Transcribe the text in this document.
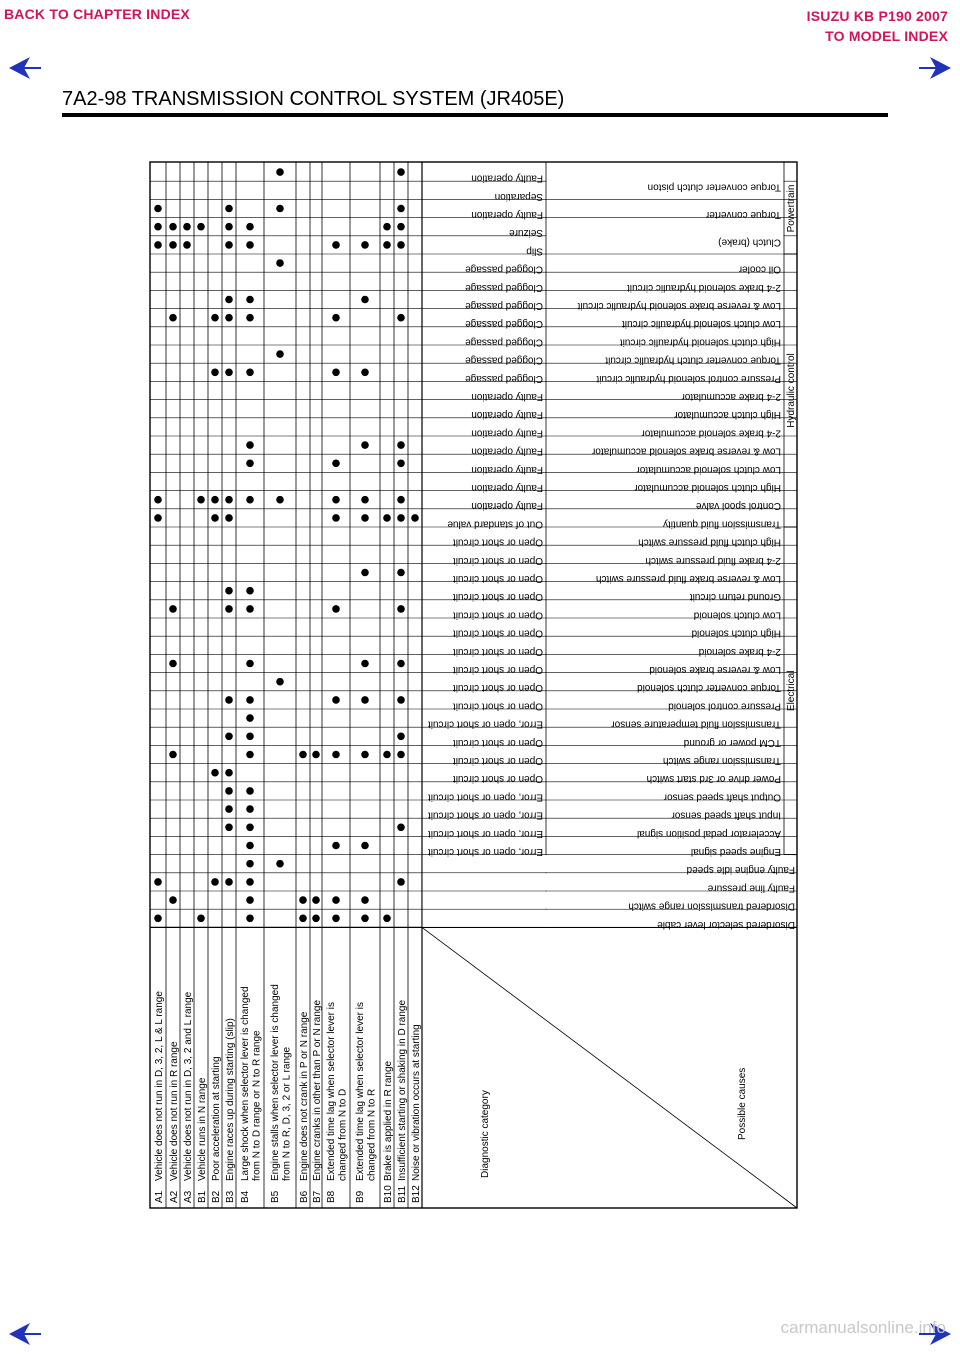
BACK TO CHAPTER INDEX	ISUZU KB P190 2007
TO MODEL INDEX
7A2-98 TRANSMISSION CONTROL SYSTEM (JR405E)
Powertrain
Hydraulic control
Electrical
Torque converter clutch piston
Faulty operation
Separation
Torque converter
Faulty operation
Clutch (brake)
Seizure
Slip
Oil cooler
Clogged passage
2-4 brake solenoid hydraulic circuit
Clogged passage
Low & reverse brake solenoid hydraulic circuit
Clogged passage
Low clutch solenoid hydraulic circuit
Clogged passage
High clutch solenoid hydraulic circuit
Clogged passage
Torque converter clutch hydraulic circuit
Clogged passage
Pressure control solenoid hydraulic circuit
Clogged passage
2-4 brake accumulator
Faulty operation
High clutch accumulator
Faulty operation
2-4 brake solenoid accumulator
Faulty operation
Low & reverse brake solenoid accumulator
Faulty operation
Low clutch solenoid accumulator
Faulty operation
High clutch solenoid accumulator
Faulty operation
Control spool valve
Faulty operation
Transmission fluid quantity
Out of standard value
High clutch fluid pressure switch
Open or short circuit
2-4 brake fluid pressure switch
Open or short circuit
Low & reverse brake fluid pressure switch
Open or short circuit
Ground return circuit
Open or short circuit
Low clutch solenoid
Open or short circuit
High clutch solenoid
Open or short circuit
2-4 brake solenoid
Open or short circuit
Low & reverse brake solenoid
Open or short circuit
Torque converter clutch solenoid
Open or short circuit
Pressure control solenoid
Open or short circuit
Transmission fluid temperature sensor
Error, open or short circuit
TCM power or ground
Open or short circuit
Transmission range switch
Open or short circuit
Power drive or 3rd start switch
Open or short circuit
Output shaft speed sensor
Error, open or short circuit
Input shaft speed sensor
Error, open or short circuit
Accelerator pedal position signal
Error, open or short circuit
Engine speed signal
Error, open or short circuit
Faulty engine idle speed
Faulty line pressure
Disordered transmission range switch
Disordered selector lever cable
A1
Vehicle does not run in D, 3, 2, L & L range
A2
Vehicle does not run in R range
A3
Vehicle does not run in D, 3, 2 and L range
B1
Vehicle runs in N range
B2
Poor acceleration at starting
B3
Engine races up during starting (slip)
B4
Large shock when selector lever is changed from N to D range or N to R range
B5
Engine stalls when selector lever is changed from N to R, D, 3, 2 or L range
B6
Engine does not crank in P or N range
B7
Engine cranks in other than P or N range
B8
Extended time lag when selector lever is changed from N to D
B9
Extended time lag when selector lever is changed from N to R
B10
Brake is applied in R range
B11
Insufficient starting or shaking in D range
B12
Noise or vibration occurs at starting	Possible causes
Diagnostic category
carmanualsonline.info
